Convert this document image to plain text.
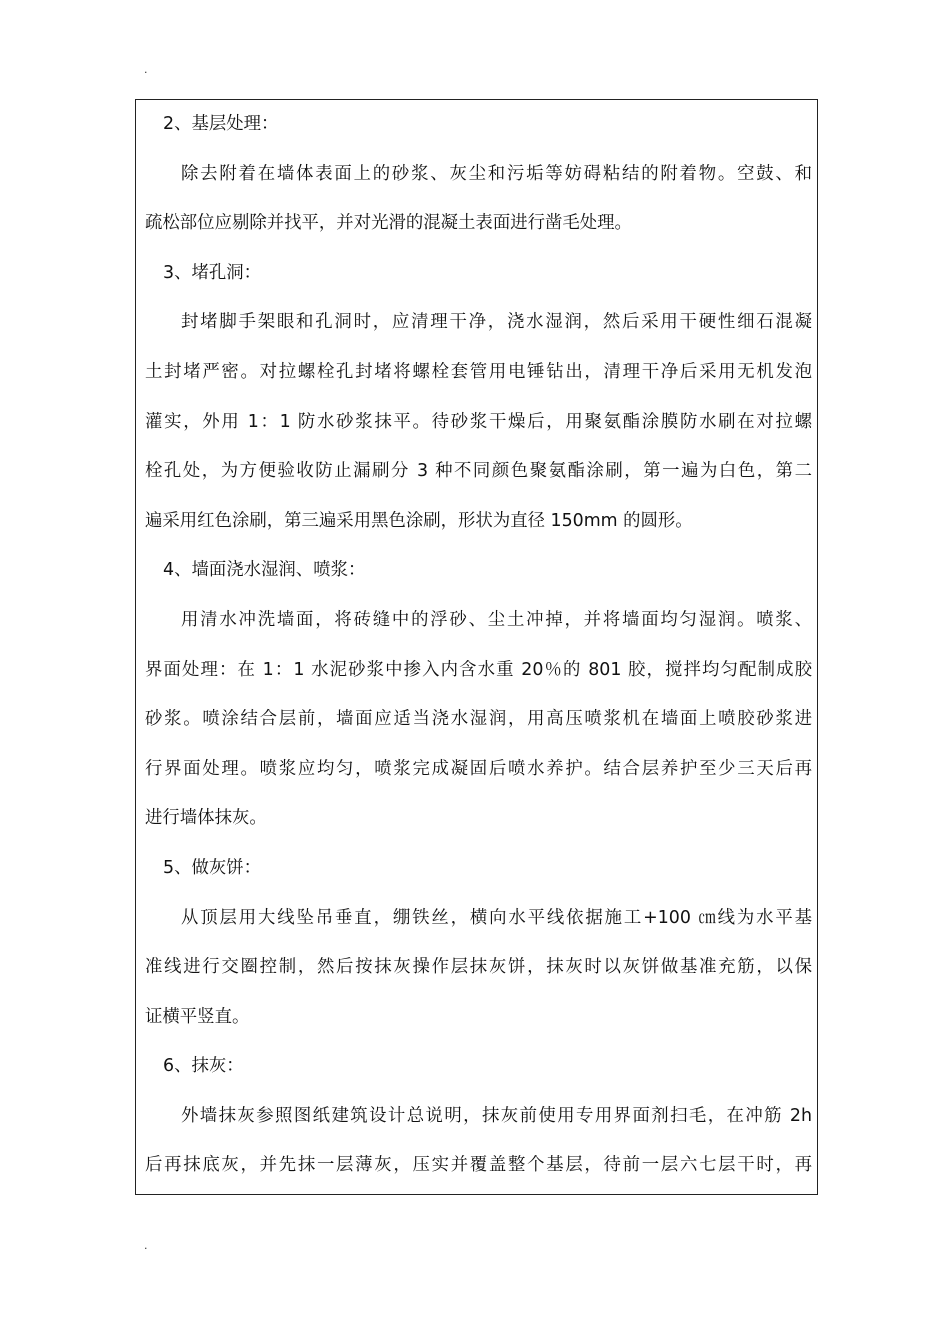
.
2、基层处理：
除去附着在墙体表面上的砂浆、灰尘和污垢等妨碍粘结的附着物。空鼓、和
疏松部位应剔除并找平，并对光滑的混凝土表面进行凿毛处理。
3、堵孔洞：
封堵脚手架眼和孔洞时，应清理干净，浇水湿润，然后采用干硬性细石混凝
土封堵严密。对拉螺栓孔封堵将螺栓套管用电锤钻出，清理干净后采用无机发泡
灌实，外用 1：1 防水砂浆抹平。待砂浆干燥后，用聚氨酯涂膜防水刷在对拉螺
栓孔处，为方便验收防止漏刷分 3 种不同颜色聚氨酯涂刷，第一遍为白色，第二
遍采用红色涂刷，第三遍采用黑色涂刷，形状为直径 150mm 的圆形。
4、墙面浇水湿润、喷浆：
用清水冲洗墙面，将砖缝中的浮砂、尘土冲掉，并将墙面均匀湿润。喷浆、
界面处理：在 1：1 水泥砂浆中掺入内含水重 20％的 801 胶，搅拌均匀配制成胶
砂浆。喷涂结合层前，墙面应适当浇水湿润，用高压喷浆机在墙面上喷胶砂浆进
行界面处理。喷浆应均匀，喷浆完成凝固后喷水养护。结合层养护至少三天后再
进行墙体抹灰。
5、做灰饼：
从顶层用大线坠吊垂直，绷铁丝，横向水平线依据施工+100 ㎝线为水平基
准线进行交圈控制，然后按抹灰操作层抹灰饼，抹灰时以灰饼做基准充筋，以保
证横平竖直。
6、抹灰：
外墙抹灰参照图纸建筑设计总说明，抹灰前使用专用界面剂扫毛，在冲筋 2h
后再抹底灰，并先抹一层薄灰，压实并覆盖整个基层，待前一层六七层干时，再
.
